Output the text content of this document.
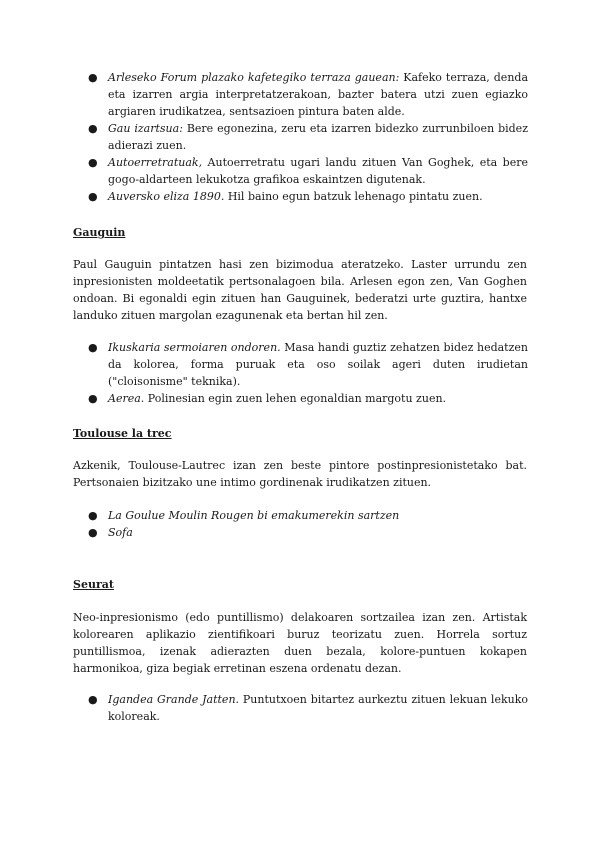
● Arleseko Forum plazako kafetegiko terraza gauean: Kafeko terraza, denda eta izarren argia interpretatzerakoan, bazter batera utzi zuen egiazko argiaren irudikatzea, sentsazioen pintura baten alde.
● Gau izartsua: Bere egonezina, zeru eta izarren bidezko zurrunbiloen bidez adierazi zuen.
● Autoerretratuak, Autoerretratu ugari landu zituen Van Goghek, eta bere gogo-aldarteen lekukotza grafikoa eskaintzen digutenak.
● Auversko eliza 1890. Hil baino egun batzuk lehenago pintatu zuen.
Gauguin

Paul Gauguin pintatzen hasi zen bizimodua ateratzeko. Laster urrundu zen inpresionisten moldeetatik pertsonalagoen bila. Arlesen egon zen, Van Goghen ondoan. Bi egonaldi egin zituen han Gauguinek, bederatzi urte guztira, hantxe landuko zituen margolan ezagunenak eta bertan hil zen.

● Ikuskaria sermoiaren ondoren. Masa handi guztiz zehatzen bidez hedatzen da kolorea, forma puruak eta oso soilak ageri duten irudietan ("cloisonisme" teknika).
● Aerea. Polinesian egin zuen lehen egonaldian margotu zuen.
Toulouse la trec

Azkenik, Toulouse-Lautrec izan zen beste pintore postinpresionistetako bat. Pertsonaien bizitzako une intimo gordinenak irudikatzen zituen.

● La Goulue Moulin Rougen bi emakumerekin sartzen
● Sofa
Seurat

Neo-inpresionismo (edo puntillismo) delakoaren sortzailea izan zen. Artistak kolorearen aplikazio zientifikoari buruz teorizatu zuen. Horrela sortuz puntillismoa, izenak adierazten duen bezala, kolore-puntuen kokapen harmonikoa, giza begiak erretinan eszena ordenatu dezan.

● Igandea Grande Jatten. Puntutxoen bitartez aurkeztu zituen lekuan lekuko koloreak.
